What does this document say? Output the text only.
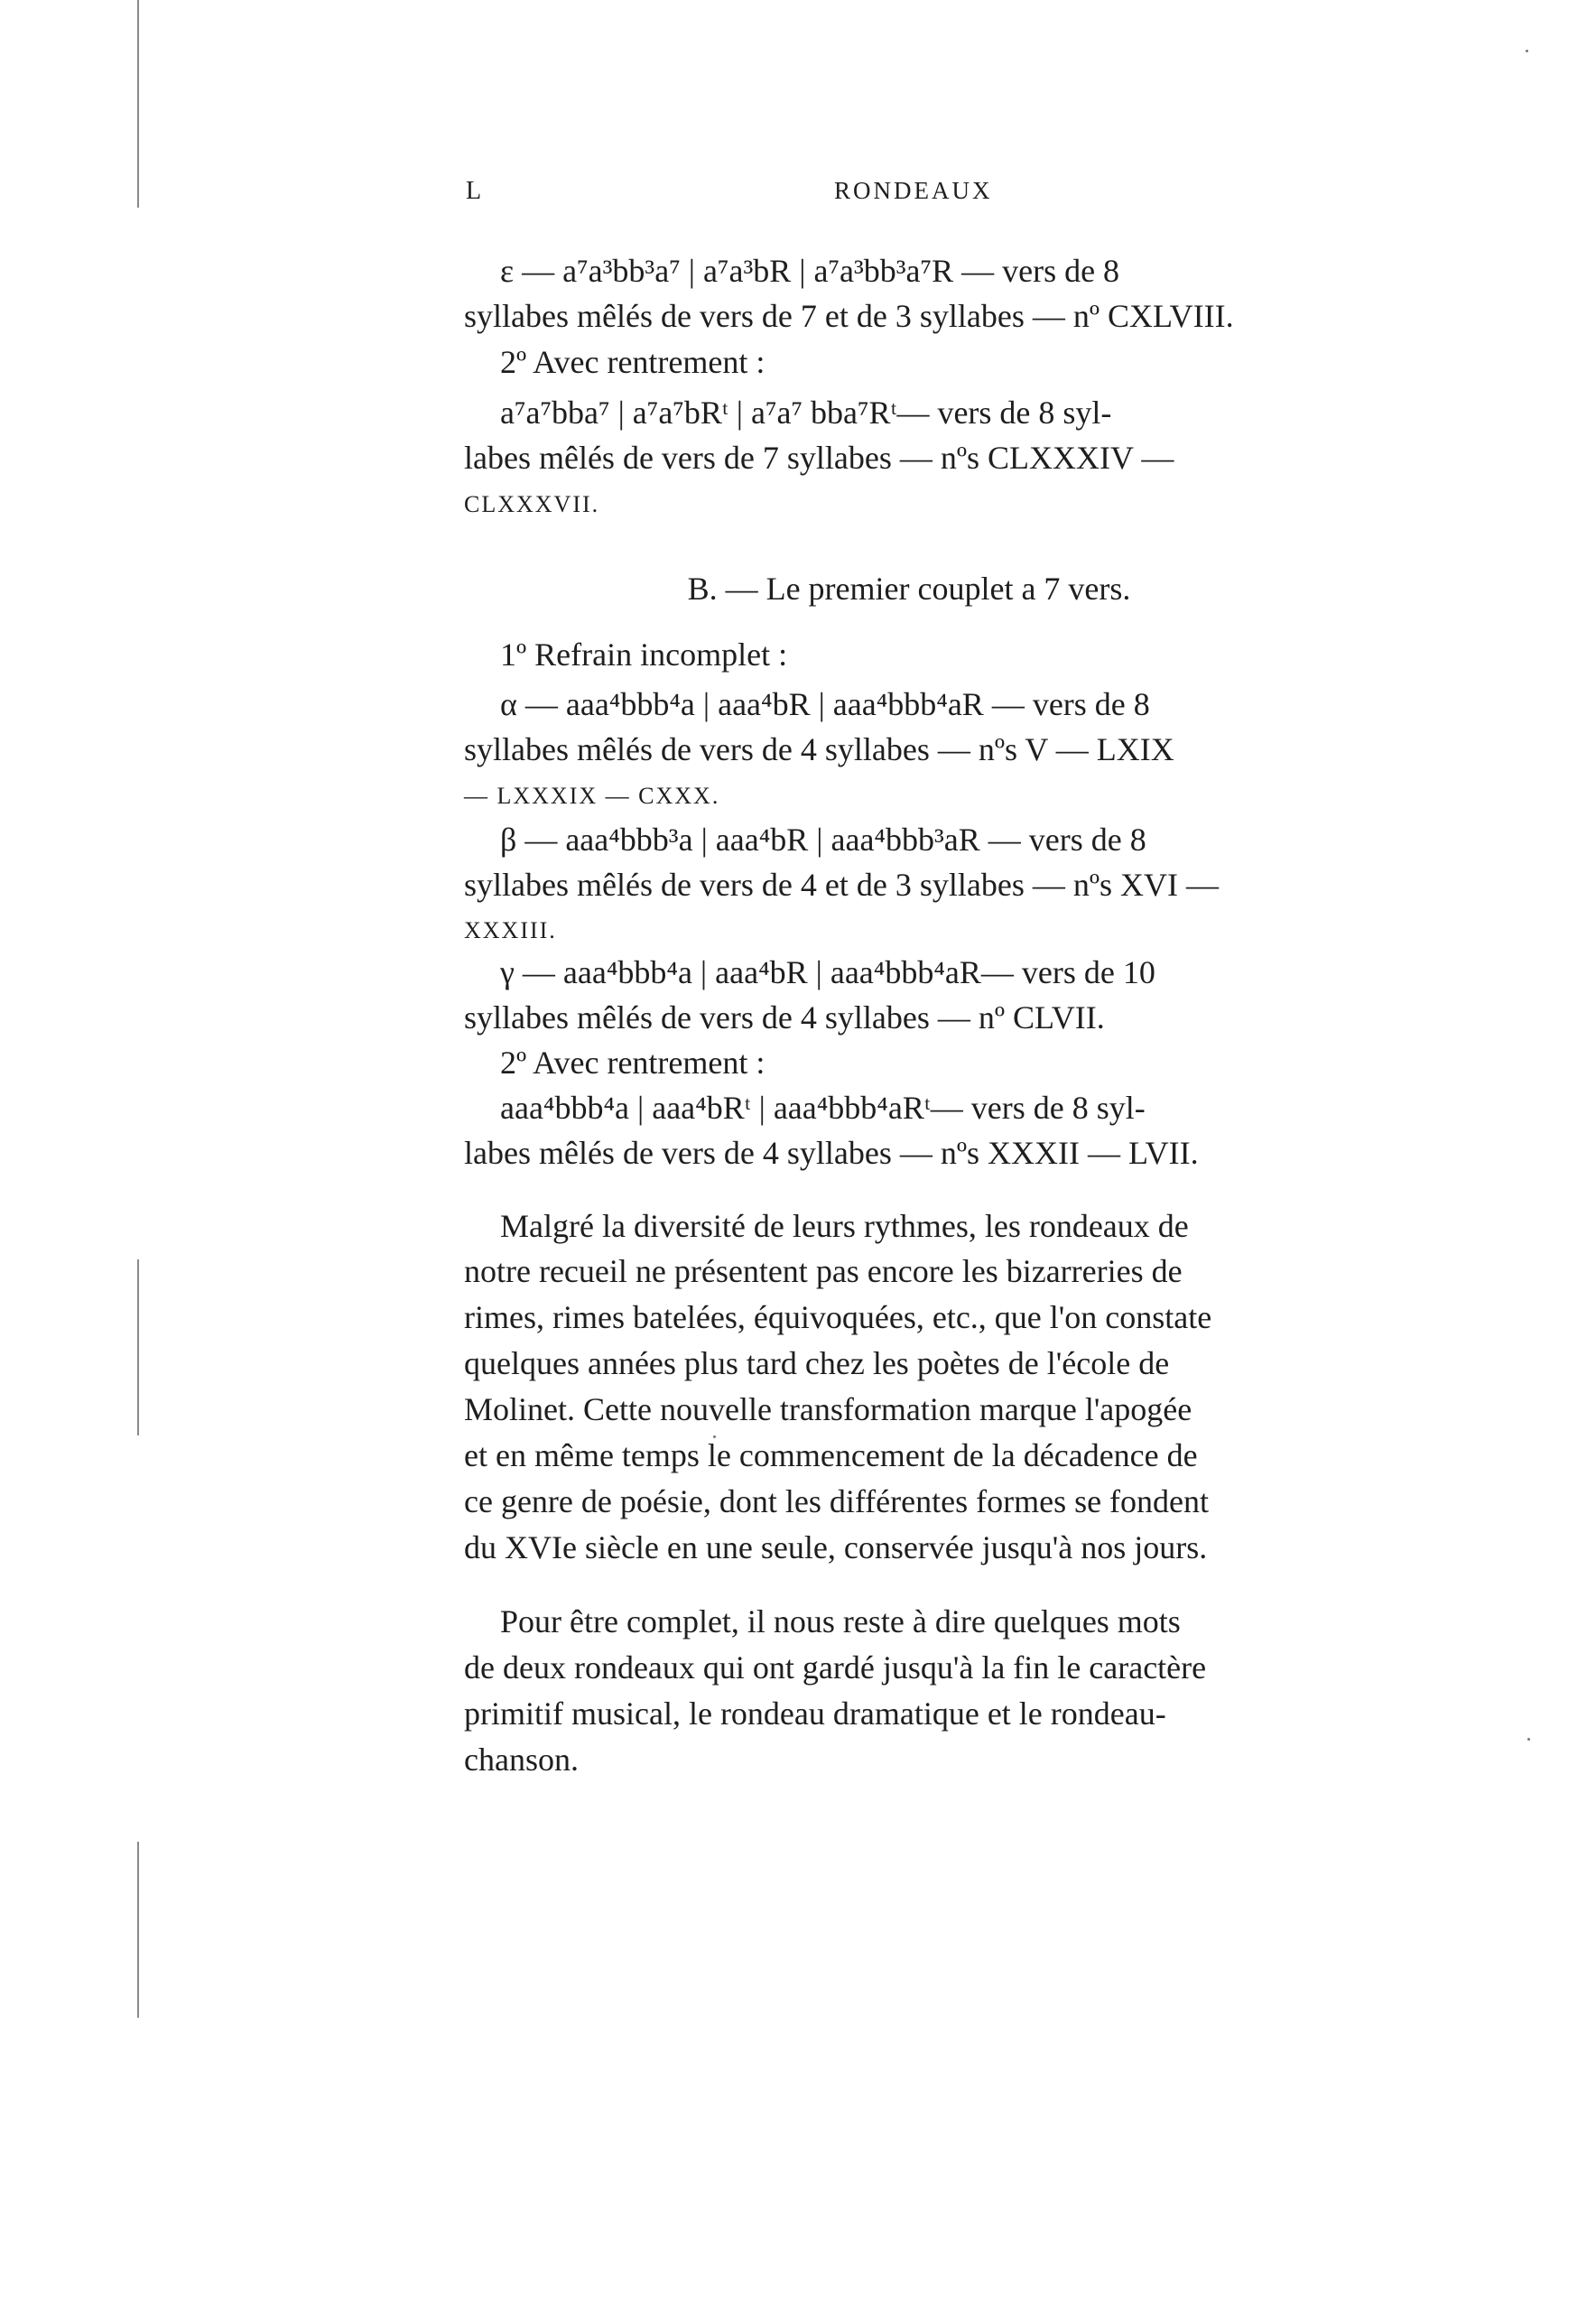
L	RONDEAUX
ε — a⁷a³bb³a⁷ | a⁷a³bR | a⁷a³bb³a⁷R — vers de 8
syllabes mêlés de vers de 7 et de 3 syllabes — nº CXLVIII.
2º Avec rentrement :
a⁷a⁷bba⁷ | a⁷a⁷bRᵗ | a⁷a⁷ bba⁷Rᵗ— vers de 8 syl-
labes mêlés de vers de 7 syllabes — nºs CLXXXIV —
CLXXXVII.
B. — Le premier couplet a 7 vers.
1º Refrain incomplet :
α — aaa⁴bbb⁴a | aaa⁴bR | aaa⁴bbb⁴aR — vers de 8
syllabes mêlés de vers de 4 syllabes — nºs V — LXIX
— LXXXIX — CXXX.
β — aaa⁴bbb³a | aaa⁴bR | aaa⁴bbb³aR — vers de 8
syllabes mêlés de vers de 4 et de 3 syllabes — nºs XVI —
XXXIII.
γ — aaa⁴bbb⁴a | aaa⁴bR | aaa⁴bbb⁴aR— vers de 10
syllabes mêlés de vers de 4 syllabes — nº CLVII.
2º Avec rentrement :
aaa⁴bbb⁴a | aaa⁴bRᵗ | aaa⁴bbb⁴aRᵗ— vers de 8 syl-
labes mêlés de vers de 4 syllabes — nºs XXXII — LVII.
Malgré la diversité de leurs rythmes, les rondeaux de
notre recueil ne présentent pas encore les bizarreries de
rimes, rimes batelées, équivoquées, etc., que l'on constate
quelques années plus tard chez les poètes de l'école de
Molinet. Cette nouvelle transformation marque l'apogée
et en même temps le commencement de la décadence de
ce genre de poésie, dont les différentes formes se fondent
du XVIe siècle en une seule, conservée jusqu'à nos jours.
Pour être complet, il nous reste à dire quelques mots
de deux rondeaux qui ont gardé jusqu'à la fin le caractère
primitif musical, le rondeau dramatique et le rondeau-
chanson.
